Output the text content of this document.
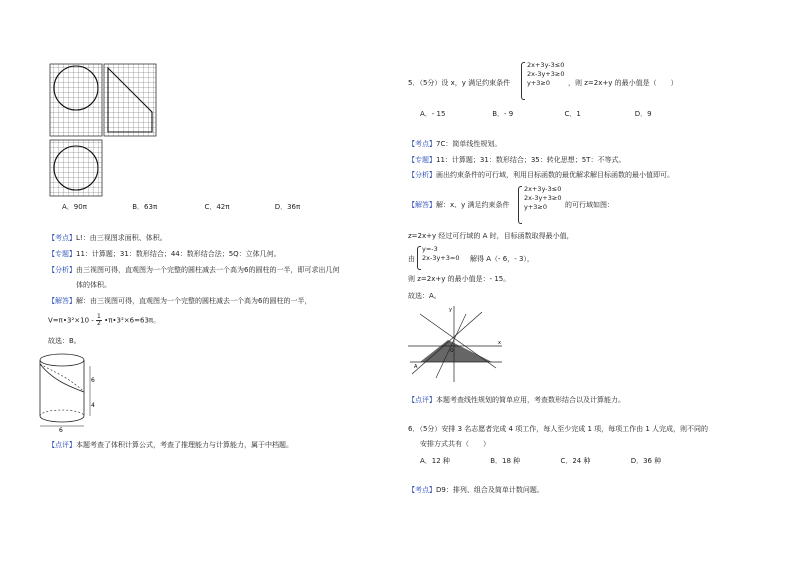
A．90π	B．63π	C．42π	D．36π
【考点】L!：由三视图求面积、体积。
【专题】11：计算题；31：数形结合；44：数形结合法；5Q：立体几何。
【分析】由三视图可得，直观图为一个完整的圆柱减去一个高为6的圆柱的一半，即可求出几何
体的体积。
【解答】解：由三视图可得，直观图为一个完整的圆柱减去一个高为6的圆柱的一半，
V=π•3²×10 - $\frac{1}{2}$ •π•3²×6=63π。
故选：B。
6
4
6
【点评】本题考查了体积计算公式，考查了推理能力与计算能力，属于中档题。
5．（5分）设 x，y 满足约束条件
2x+3y-3≤0
2x-3y+3≥0
y+3≥0	，则 z=2x+y 的最小值是（　　）
A．- 15	B．- 9	C．1	D．9
【考点】7C：简单线性规划。
【专题】11：计算题；31：数形结合；35：转化思想；5T：不等式。
【分析】画出约束条件的可行域，利用目标函数的最优解求解目标函数的最小值即可。
【解答】解：x、y 满足约束条件
2x+3y-3≤0
2x-3y+3≥0
y+3≥0	的可行域如图：
z=2x+y 经过可行域的 A 时，目标函数取得最小值，
由
y=-3
2x-3y+3=0 解得 A（- 6，- 3），
则 z=2x+y 的最小值是：- 15。
故选：A。
y
x
O
A
【点评】本题考查线性规划的简单应用，考查数形结合以及计算能力。
6．（5分）安排 3 名志愿者完成 4 项工作，每人至少完成 1 项，每项工作由 1 人完成，则不同的
安排方式共有（　　）
A．12 种	B．18 种	C．24 种	D．36 种
【考点】D9：排列、组合及简单计数问题。
